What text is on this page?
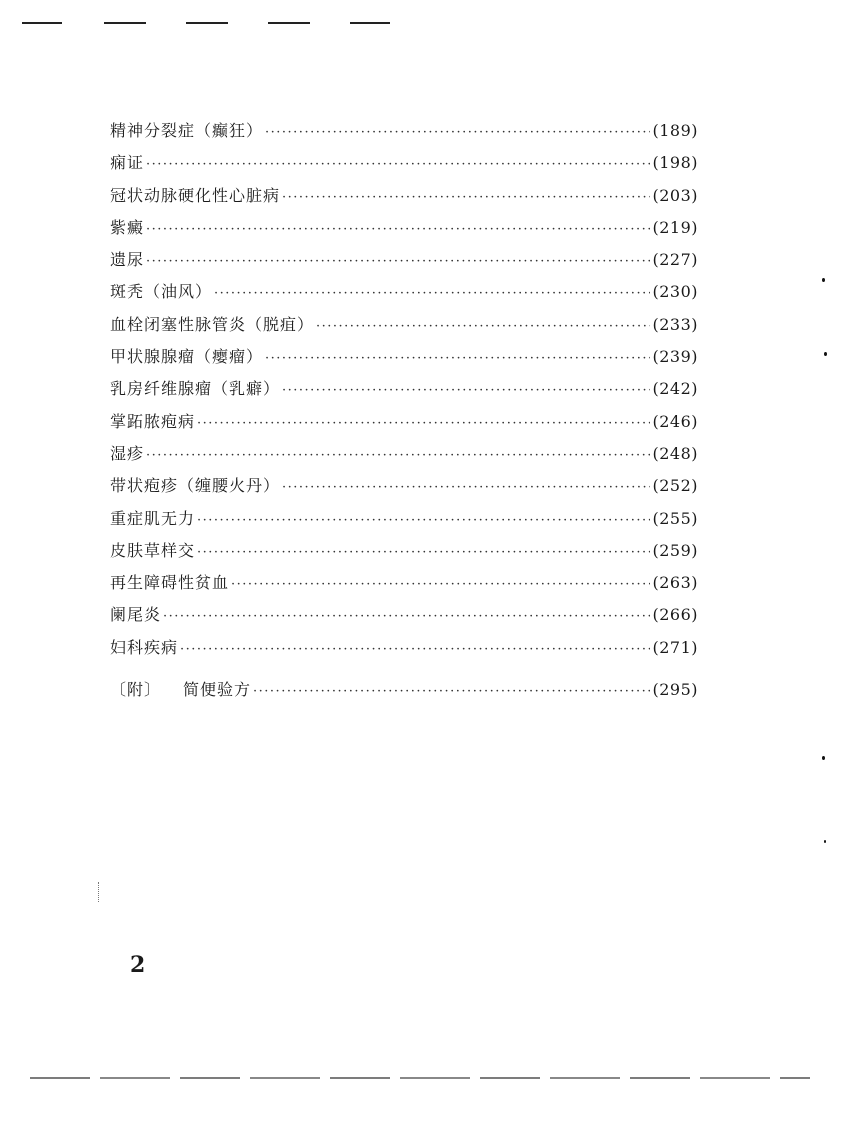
精神分裂症（癫狂） ·····	(189)
痫证 ·····	(198)
冠状动脉硬化性心脏病 ·····	(203)
紫癜 ·····	(219)
遗尿 ·····	(227)
斑秃（油风） ·····	(230)
血栓闭塞性脉管炎（脱疽） ·····	(233)
甲状腺腺瘤（瘿瘤） ·····	(239)
乳房纤维腺瘤（乳癖） ·····	(242)
掌跖脓疱病 ·····	(246)
湿疹 ·····	(248)
带状疱疹（缠腰火丹） ·····	(252)
重症肌无力 ·····	(255)
皮肤草样交 ·····	(259)
再生障碍性贫血 ·····	(263)
阑尾炎 ·····	(266)
妇科疾病 ·····	(271)
〔附〕 简便验方 ·····	(295)
2
